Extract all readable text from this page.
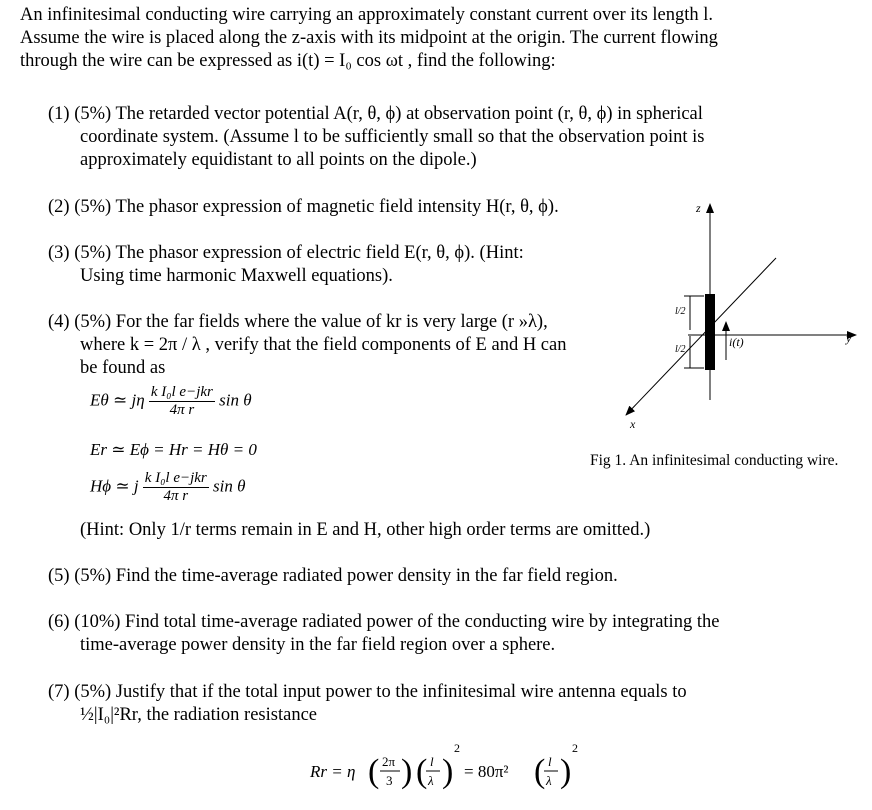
An infinitesimal conducting wire carrying an approximately constant current over its length l.
Assume the wire is placed along the z-axis with its midpoint at the origin. The current flowing
through the wire can be expressed as i(t) = I₀ cos ωt , find the following:
(1) (5%) The retarded vector potential A(r, θ, ϕ) at observation point (r, θ, ϕ) in spherical
coordinate system. (Assume l to be sufficiently small so that the observation point is
approximately equidistant to all points on the dipole.)
(2) (5%) The phasor expression of magnetic field intensity H(r, θ, ϕ).
(3) (5%) The phasor expression of electric field E(r, θ, ϕ). (Hint:
Using time harmonic Maxwell equations).
(4) (5%) For the far fields where the value of kr is very large (r »λ),
where k = 2π / λ , verify that the field components of E and H can
be found as
Eθ ≃ jη $\frac{\text{k I₀l e−jkr}}{\text{4π r}}$ sin θ
Er ≃ Eϕ = Hr = Hθ = 0
Hϕ ≃ j $\frac{\text{k I₀l e−jkr}}{\text{4π r}}$ sin θ
(Hint: Only 1/r terms remain in E and H, other high order terms are omitted.)
(5) (5%) Find the time-average radiated power density in the far field region.
(6) (10%) Find total time-average radiated power of the conducting wire by integrating the
time-average power density in the far field region over a sphere.
(7) (5%) Justify that if the total input power to the infinitesimal wire antenna equals to
½|I₀|²Rr, the radiation resistance
Rr = η ( 2π
3 ) ( l
λ )
2
= 80π² ( l
λ )
2
z
y
x
l/2
l/2
i(t)
Fig 1. An infinitesimal conducting wire.
